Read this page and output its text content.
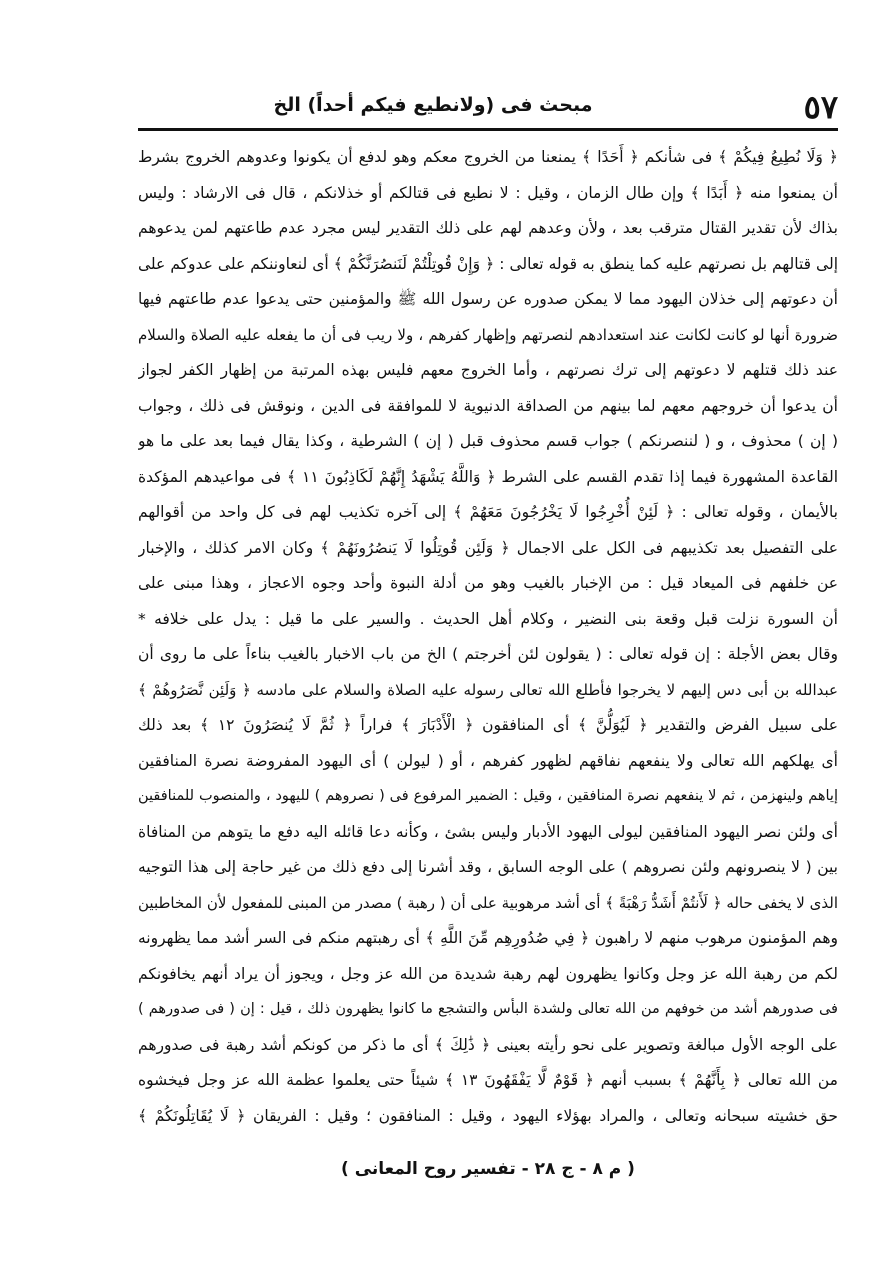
٥٧
مبحث فى (ولانطيع فيكم أحداً) الخ
﴿ وَلَا نُطِيعُ فِيكُمْ ﴾ فى شأنكم ﴿ أَحَدًا ﴾ يمنعنا من الخروج معكم وهو لدفع أن يكونوا وعدوهم الخروج بشرط
أن يمنعوا منه ﴿ أَبَدًا ﴾ وإن طال الزمان ، وقيل : لا نطيع فى قتالكم أو خذلانكم ، قال فى الارشاد : وليس
بذاك لأن تقدير القتال مترقب بعد ، ولأن وعدهم لهم على ذلك التقدير ليس مجرد عدم طاعتهم لمن يدعوهم
إلى قتالهم بل نصرتهم عليه كما ينطق به قوله تعالى : ﴿ وَإِنْ قُوتِلْتُمْ لَنَنصُرَنَّكُمْ ﴾ أى لنعاوننكم على عدوكم على
أن دعوتهم إلى خذلان اليهود مما لا يمكن صدوره عن رسول الله ﷺ والمؤمنين حتى يدعوا عدم طاعتهم فيها
ضرورة أنها لو كانت لكانت عند استعدادهم لنصرتهم وإظهار كفرهم ، ولا ريب فى أن ما يفعله عليه الصلاة والسلام
عند ذلك قتلهم لا دعوتهم إلى ترك نصرتهم ، وأما الخروج معهم فليس بهذه المرتبة من إظهار الكفر لجواز
أن يدعوا أن خروجهم معهم لما بينهم من الصداقة الدنيوية لا للموافقة فى الدين ، ونوقش فى ذلك ، وجواب
( إن ) محذوف ، و ( لننصرنكم ) جواب قسم محذوف قبل ( إن ) الشرطية ، وكذا يقال فيما بعد على ما هو
القاعدة المشهورة فيما إذا تقدم القسم على الشرط ﴿ وَاللَّهُ يَشْهَدُ إِنَّهُمْ لَكَاذِبُونَ ١١ ﴾ فى مواعيدهم المؤكدة
بالأيمان ، وقوله تعالى : ﴿ لَئِنْ أُخْرِجُوا لَا يَخْرُجُونَ مَعَهُمْ ﴾ إلى آخره تكذيب لهم فى كل واحد من أقوالهم
على التفصيل بعد تكذيبهم فى الكل على الاجمال ﴿ وَلَئِن قُوتِلُوا لَا يَنصُرُونَهُمْ ﴾ وكان الامر كذلك ، والإخبار
عن خلفهم فى الميعاد قيل : من الإخبار بالغيب وهو من أدلة النبوة وأحد وجوه الاعجاز ، وهذا مبنى على
أن السورة نزلت قبل وقعة بنى النضير ، وكلام أهل الحديث . والسير على ما قيل : يدل على خلافه *
وقال بعض الأجلة : إن قوله تعالى : ( يقولون لئن أخرجتم ) الخ من باب الاخبار بالغيب بناءاً على ما روى أن
عبدالله بن أبى دس إليهم لا يخرجوا فأطلع الله تعالى رسوله عليه الصلاة والسلام على مادسه ﴿ وَلَئِن نَّصَرُوهُمْ ﴾
على سبيل الفرض والتقدير ﴿ لَيُوَلُّنَّ ﴾ أى المنافقون ﴿ الْأَدْبَارَ ﴾ فراراً ﴿ ثُمَّ لَا يُنصَرُونَ ١٢ ﴾ بعد ذلك
أى يهلكهم الله تعالى ولا ينفعهم نفاقهم لظهور كفرهم ، أو ( ليولن ) أى اليهود المفروضة نصرة المنافقين
إياهم ولينهزمن ، ثم لا ينفعهم نصرة المنافقين ، وقيل : الضمير المرفوع فى ( نصروهم ) لليهود ، والمنصوب للمنافقين
أى ولئن نصر اليهود المنافقين ليولى اليهود الأدبار وليس بشئ ، وكأنه دعا قائله اليه دفع ما يتوهم من المنافاة
بين ( لا ينصرونهم ولئن نصروهم ) على الوجه السابق ، وقد أشرنا إلى دفع ذلك من غير حاجة إلى هذا التوجيه
الذى لا يخفى حاله ﴿ لَأَنتُمْ أَشَدُّ رَهْبَةً ﴾ أى أشد مرهوبية على أن ( رهبة ) مصدر من المبنى للمفعول لأن المخاطبين
وهم المؤمنون مرهوب منهم لا راهبون ﴿ فِي صُدُورِهِم مِّنَ اللَّهِ ﴾ أى رهبتهم منكم فى السر أشد مما يظهرونه
لكم من رهبة الله عز وجل وكانوا يظهرون لهم رهبة شديدة من الله عز وجل ، ويجوز أن يراد أنهم يخافونكم
فى صدورهم أشد من خوفهم من الله تعالى ولشدة البأس والتشجع ما كانوا يظهرون ذلك ، قيل : إن ( فى صدورهم )
على الوجه الأول مبالغة وتصوير على نحو رأيته بعينى ﴿ ذَٰلِكَ ﴾ أى ما ذكر من كونكم أشد رهبة فى صدورهم
من الله تعالى ﴿ بِأَنَّهُمْ ﴾ بسبب أنهم ﴿ قَوْمٌ لَّا يَفْقَهُونَ ١٣ ﴾ شيئاً حتى يعلموا عظمة الله عز وجل فيخشوه
حق خشيته سبحانه وتعالى ، والمراد بهؤلاء اليهود ، وقيل : المنافقون ؛ وقيل : الفريقان ﴿ لَا يُقَاتِلُونَكُمْ ﴾
( م ٨ - ج ٢٨ - تفسير روح المعانى )
